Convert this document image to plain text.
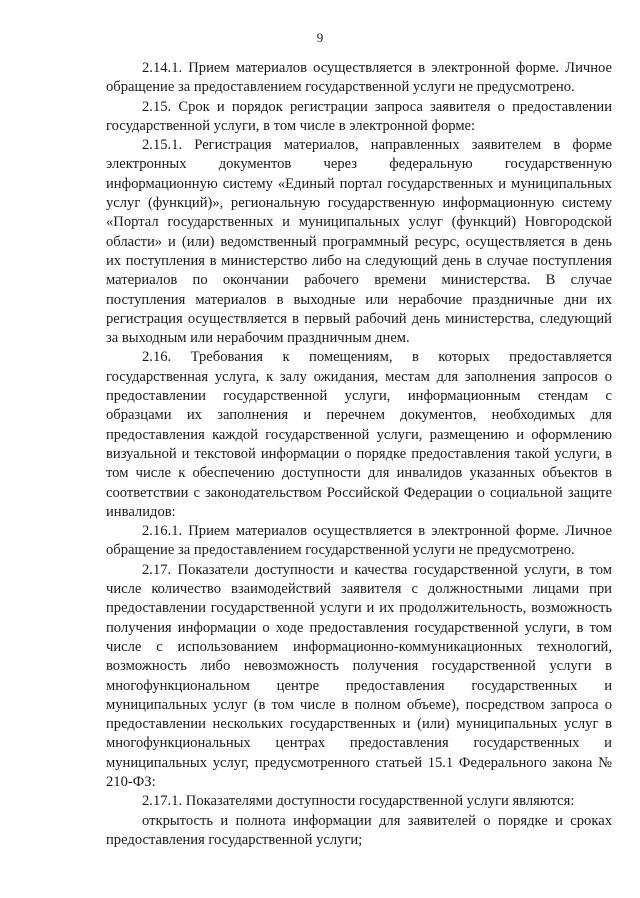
9

2.14.1. Прием материалов осуществляется в электронной форме. Личное обращение за предоставлением государственной услуги не предусмотрено.

2.15. Срок и порядок регистрации запроса заявителя о предоставлении государственной услуги, в том числе в электронной форме:

2.15.1. Регистрация материалов, направленных заявителем в форме электронных документов через федеральную государственную информационную систему «Единый портал государственных и муниципальных услуг (функций)», региональную государственную информационную систему «Портал государственных и муниципальных услуг (функций) Новгородской области» и (или) ведомственный программный ресурс, осуществляется в день их поступления в министерство либо на следующий день в случае поступления материалов по окончании рабочего времени министерства. В случае поступления материалов в выходные или нерабочие праздничные дни их регистрация осуществляется в первый рабочий день министерства, следующий за выходным или нерабочим праздничным днем.

2.16. Требования к помещениям, в которых предоставляется государственная услуга, к залу ожидания, местам для заполнения запросов о предоставлении государственной услуги, информационным стендам с образцами их заполнения и перечнем документов, необходимых для предоставления каждой государственной услуги, размещению и оформлению визуальной и текстовой информации о порядке предоставления такой услуги, в том числе к обеспечению доступности для инвалидов указанных объектов в соответствии с законодательством Российской Федерации о социальной защите инвалидов:

2.16.1. Прием материалов осуществляется в электронной форме. Личное обращение за предоставлением государственной услуги не предусмотрено.

2.17. Показатели доступности и качества государственной услуги, в том числе количество взаимодействий заявителя с должностными лицами при предоставлении государственной услуги и их продолжительность, возможность получения информации о ходе предоставления государственной услуги, в том числе с использованием информационно-коммуникационных технологий, возможность либо невозможность получения государственной услуги в многофункциональном центре предоставления государственных и муниципальных услуг (в том числе в полном объеме), посредством запроса о предоставлении нескольких государственных и (или) муниципальных услуг в многофункциональных центрах предоставления государственных и муниципальных услуг, предусмотренного статьей 15.1 Федерального закона № 210-ФЗ:

2.17.1. Показателями доступности государственной услуги являются:

открытость и полнота информации для заявителей о порядке и сроках предоставления государственной услуги;
